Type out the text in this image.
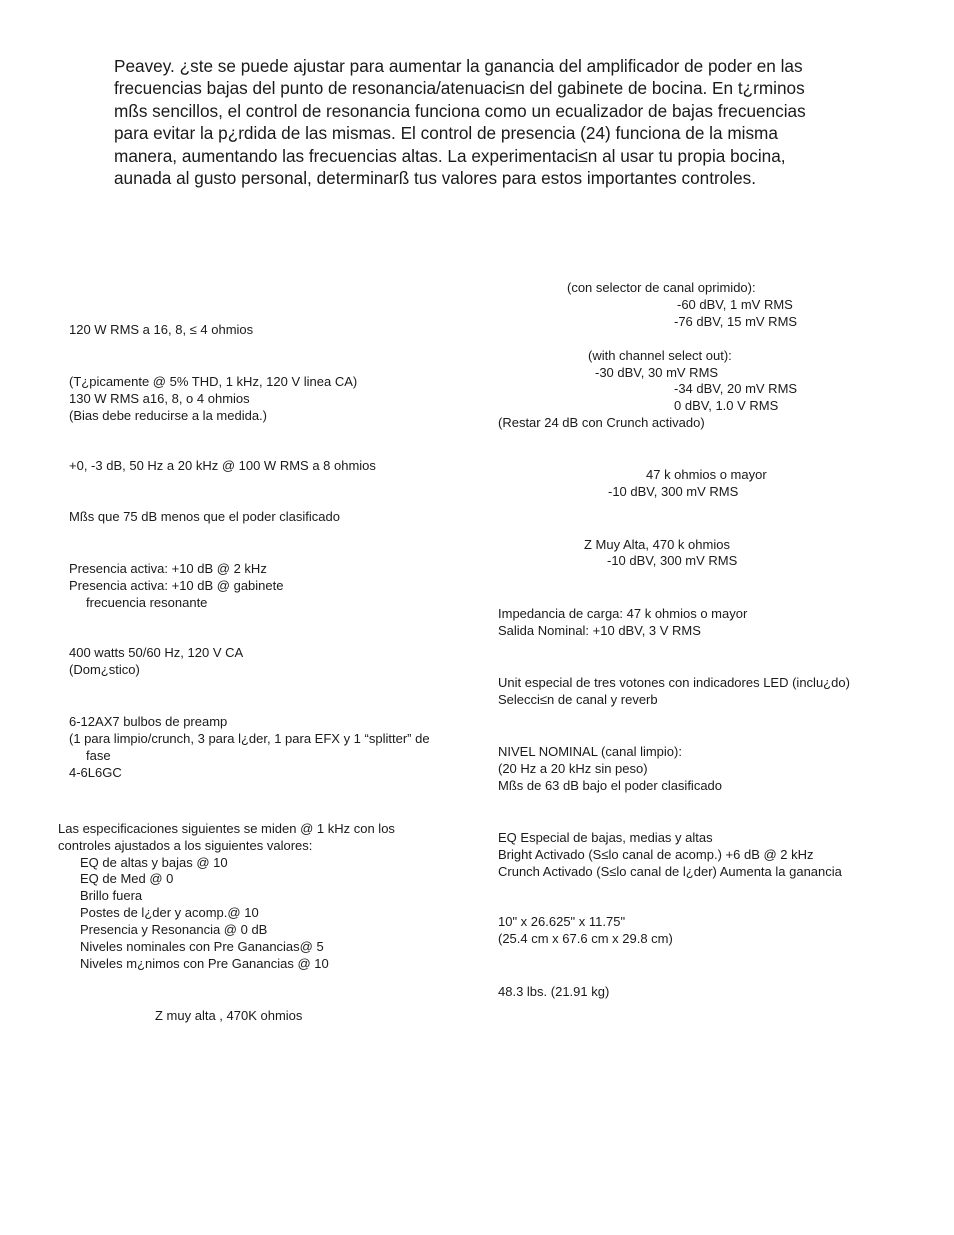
Peavey. ¿ste se puede ajustar para aumentar la ganancia del amplificador de poder en las
frecuencias bajas del punto de resonancia/atenuaci≤n del gabinete de bocina. En t¿rminos
mßs sencillos, el control de resonancia funciona como un ecualizador de bajas frecuencias
para evitar la p¿rdida de las mismas. El control de presencia (24) funciona de la misma
manera, aumentando las frecuencias altas. La experimentaci≤n al usar tu propia bocina,
aunada al gusto personal, determinarß tus valores para estos importantes controles.
120 W RMS a 16, 8, ≤ 4 ohmios
(T¿picamente @ 5% THD, 1 kHz, 120 V linea CA)
130 W RMS a16, 8, o 4 ohmios
(Bias debe reducirse a la medida.)
+0, -3 dB, 50 Hz a 20 kHz @ 100 W RMS a 8 ohmios
Mßs que 75 dB menos que el poder clasificado
Presencia activa: +10 dB @ 2 kHz
Presencia activa: +10 dB @ gabinete
frecuencia resonante
400 watts 50/60 Hz, 120 V CA
(Dom¿stico)
6-12AX7 bulbos de preamp
(1 para limpio/crunch, 3 para l¿der, 1 para EFX y 1 “splitter” de
fase
4-6L6GC
Las especificaciones siguientes se miden @ 1 kHz con los
controles ajustados a los siguientes valores:
EQ de altas y bajas @ 10
EQ de Med @ 0
Brillo fuera
Postes de l¿der y acomp.@ 10
Presencia y Resonancia @ 0 dB
Niveles nominales con Pre Ganancias@ 5
Niveles m¿nimos con Pre Ganancias @ 10
Z muy alta , 470K ohmios
(con selector de canal oprimido):
-60 dBV, 1 mV RMS
-76 dBV, 15 mV RMS
(with channel select out):
-30 dBV, 30 mV RMS
-34 dBV, 20 mV RMS
0 dBV, 1.0 V RMS
(Restar 24 dB con Crunch activado)
47 k ohmios o mayor
-10 dBV, 300 mV RMS
Z Muy Alta, 470 k ohmios
-10 dBV, 300 mV RMS
Impedancia de carga: 47 k ohmios o mayor
Salida Nominal: +10 dBV, 3 V RMS
Unit especial de tres votones con indicadores LED (inclu¿do)
Selecci≤n de canal y reverb
NIVEL NOMINAL (canal limpio):
(20 Hz a 20 kHz sin peso)
Mßs de 63 dB bajo el poder clasificado
EQ Especial de bajas, medias y altas
Bright Activado (S≤lo canal de acomp.) +6 dB @ 2 kHz
Crunch Activado (S≤lo canal de l¿der) Aumenta la ganancia
10" x 26.625" x 11.75"
(25.4 cm x 67.6 cm x 29.8 cm)
48.3 lbs. (21.91 kg)
